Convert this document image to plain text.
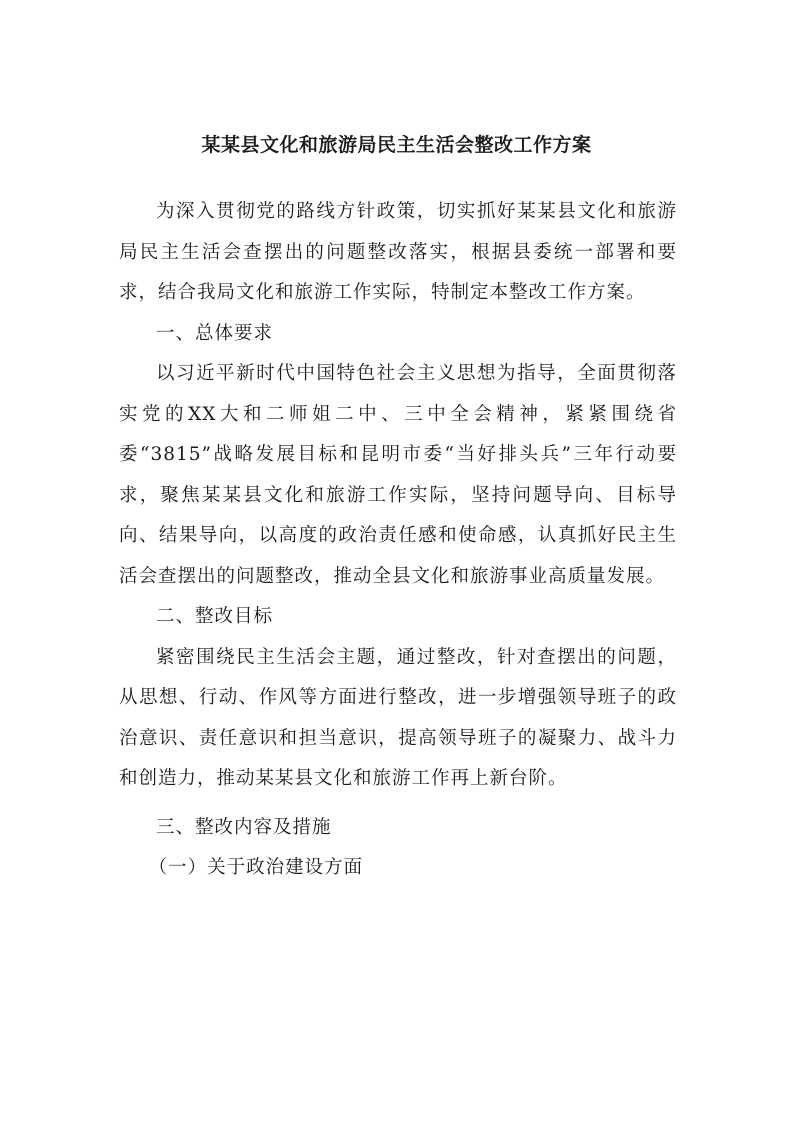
某某县文化和旅游局民主生活会整改工作方案

为深入贯彻党的路线方针政策，切实抓好某某县文化和旅游局民主生活会查摆出的问题整改落实，根据县委统一部署和要求，结合我局文化和旅游工作实际，特制定本整改工作方案。

一、总体要求

以习近平新时代中国特色社会主义思想为指导，全面贯彻落实党的XX大和二师姐二中、三中全会精神，紧紧围绕省委“3815”战略发展目标和昆明市委“当好排头兵”三年行动要求，聚焦某某县文化和旅游工作实际，坚持问题导向、目标导向、结果导向，以高度的政治责任感和使命感，认真抓好民主生活会查摆出的问题整改，推动全县文化和旅游事业高质量发展。

二、整改目标

紧密围绕民主生活会主题，通过整改，针对查摆出的问题，从思想、行动、作风等方面进行整改，进一步增强领导班子的政治意识、责任意识和担当意识，提高领导班子的凝聚力、战斗力和创造力，推动某某县文化和旅游工作再上新台阶。

三、整改内容及措施

（一）关于政治建设方面
